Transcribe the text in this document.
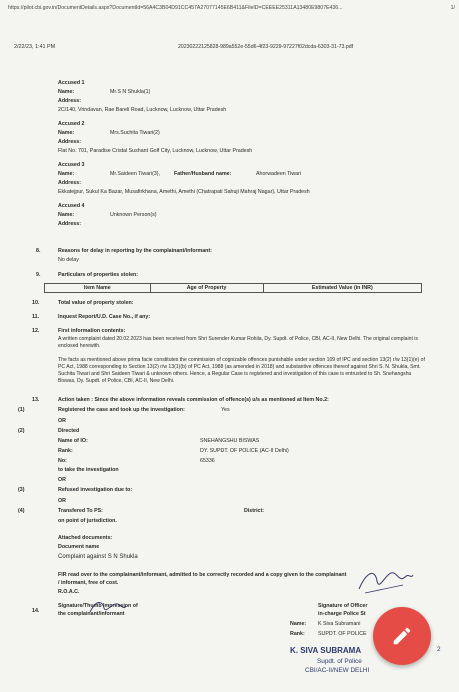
https://pilot.cbi.gov.in/DocumentDetails.aspx?DocumentId=56A4C3B04D91CC457A27077145E6B411&FileID=CEEEE25311A13480E9807E436...	1/
2/22/23, 1:41 PM	20230222125828-989a552e-55d6-4f23-9229-97227f02dcda-6303-31-73.pdf
Accused 1
Name:	Mr.S N Shukla(1)
Address:
2C/140, Vrindavan, Rae Bareli Road, Lucknow, Lucknow, Uttar Pradesh
Accused 2
Name:	Mrs.Suchita Tiwari(2)
Address:
Flat No. 701, Paradise Cristal Sushant Golf City, Lucknow, Lucknow, Uttar Pradesh
Accused 3
Name:	Mr.Saideen Tiwari(3),	Father/Husband name:	Ahorwadeen Tiwari
Address:
Ekkatejpur, Sukul Ka Bazar, Musafirkhana, Amethi, Amethi (Chatrapati Sahuji Mahraj Nagar), Uttar Pradesh
Accused 4
Name:	Unknown Person(s)
Address:
8.	Reasons for delay in reporting by the complainant/informant:
No delay
9.	Particulars of properties stolen:
Item Name	Age of Property	Estimated Value (in INR)
10.	Total value of property stolen:
11.	Inquest Report/U.D. Case No., if any:
12.	First information contents:
A written complaint dated 20.02.2023 has been received from Shri Surender Kumar Rohila, Dy. Supdt. of Police, CBI, AC-II, New Delhi. The original complaint is enclosed herewith.
The facts as mentioned above prima facie constitutes the commission of cognizable offences punishable under section 109 of IPC and section 13(2) r/w 13(1)(e) of PC Act, 1988 corresponding to Section 13(2) r/w 13(1)(b) of PC Act, 1988 (as amended in 2018) and substantive offences thereof against Shri S. N. Shukla, Smt. Suchita Tiwari and Shri Saideen Tiwari & unknown others. Hence, a Regular Case is registered and investigation of this case is entrusted to Sh. Snehangshu Biswas, Dy. Supdt. of Police, CBI, AC-II, New Delhi.
13.	Action taken : Since the above information reveals commission of offence(s) u/s as mentioned at Item No.2:
(1)	Registered the case and took up the investigation:	Yes
OR
(2)	Directed
Name of IO:	SNEHANGSHU BISWAS
Rank:	DY. SUPDT. OF POLICE (AC-II Delhi)
No:	65336
to take the investigation
OR
(3)	Refused investigation due to:
OR
(4)	Transfered To PS:	District:
on point of jurisdiction.
Attached documents:
Document name
Complaint against S N Shukla
FIR read over to the complainant/informant, admitted to be correctly recorded and a copy given to the complainant
/ informant, free of cost.
R.O.A.C.
14.
Signature/Thumb Impression of
the complainant/informant
Signature of Officer
in-charge Police St
Name: K Siva Subramani
Rank:	SUPDT. OF POLICE
K. SIVA SUBRAMA
Supdt. of Police
CBI/AC-II/NEW DELHI
2
